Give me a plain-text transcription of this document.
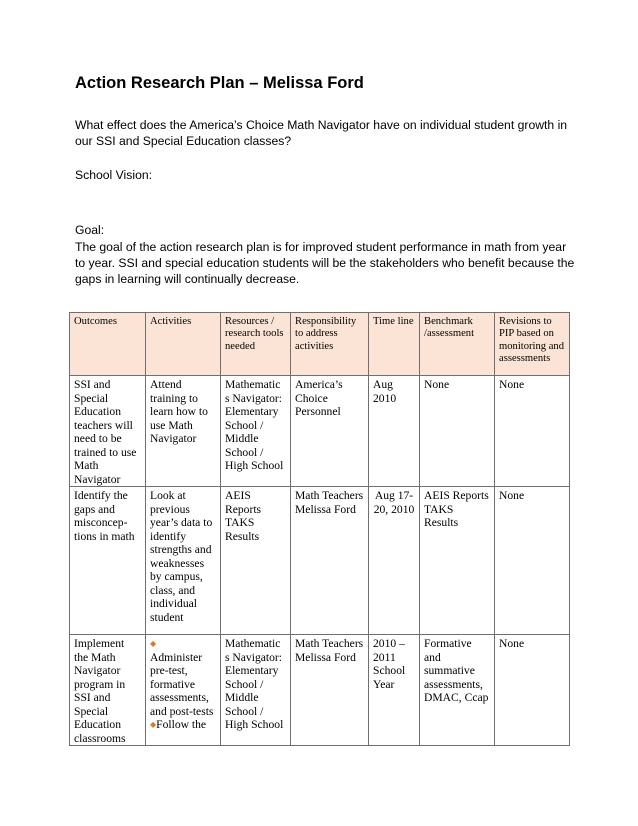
Action Research Plan – Melissa Ford

What effect does the America’s Choice Math Navigator have on individual student growth in our SSI and Special Education classes?

School Vision:

Goal:

The goal of the action research plan is for improved student performance in math from year to year. SSI and special education students will be the stakeholders who benefit because the gaps in learning will continually decrease.

Outcomes	Activities	Resources / research tools needed	Responsibility to address activities	Time line	Benchmark /assessment	Revisions to PIP based on monitoring and assessments

SSI and Special Education teachers will need to be trained to use Math Navigator	Attend training to learn how to use Math Navigator	Mathematic s Navigator: Elementary School / Middle School / High School	America’s Choice Personnel	Aug 2010	None	None

Identify the gaps and misconcep-tions in math	Look at previous year’s data to identify strengths and weaknesses by campus, class, and individual student	AEIS Reports TAKS Results	Math Teachers Melissa Ford	Aug 17-20, 2010	AEIS Reports TAKS Results	None

Implement the Math Navigator program in SSI and Special Education classrooms	◆
Administer pre-test, formative assessments, and post-tests
◆Follow the	Mathematic s Navigator: Elementary School / Middle School / High School	Math Teachers Melissa Ford	2010 – 2011 School Year	Formative and summative assessments, DMAC, Ccap	None
